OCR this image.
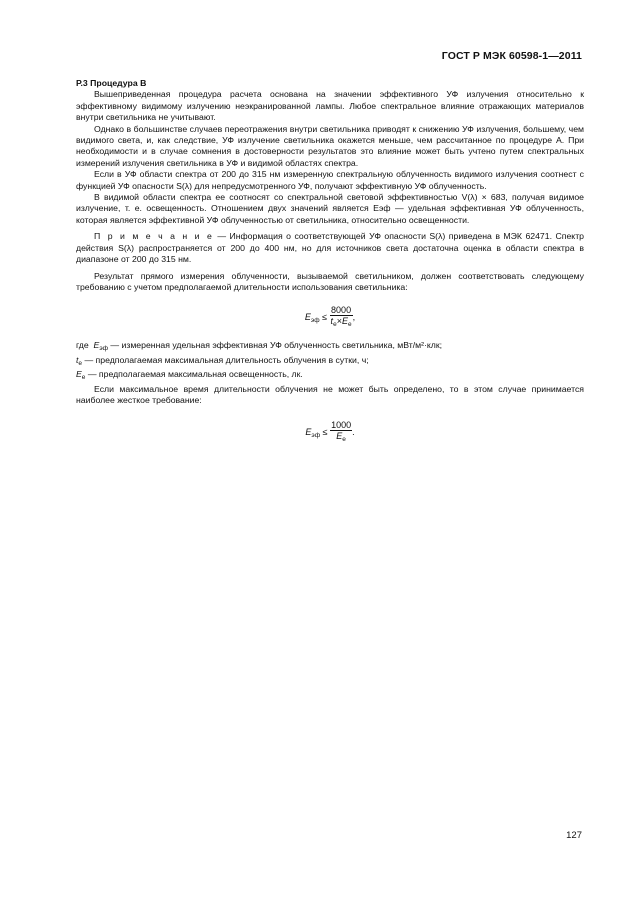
ГОСТ Р МЭК 60598-1—2011
Р.3 Процедура В

Вышеприведенная процедура расчета основана на значении эффективного УФ излучения относительно к эффективному видимому излучению неэкранированной лампы. Любое спектральное влияние отражающих материалов внутри светильника не учитывают.

Однако в большинстве случаев переотражения внутри светильника приводят к снижению УФ излучения, большему, чем видимого света, и, как следствие, УФ излучение светильника окажется меньше, чем рассчитанное по процедуре А. При необходимости и в случае сомнения в достоверности результатов это влияние может быть учтено путем спектральных измерений излучения светильника в УФ и видимой областях спектра.

Если в УФ области спектра от 200 до 315 нм измеренную спектральную облученность видимого излучения соотнест с функцией УФ опасности S(λ) для непредусмотренного УФ, получают эффективную УФ облученность.

В видимой области спектра ее соотносят со спектральной световой эффективностью V(λ) × 683, получая видимое излучение, т. е. освещенность. Отношением двух значений является Eэф — удельная эффективная УФ облученность, которая является эффективной УФ облученностью от светильника, относительно освещенности.

П р и м е ч а н и е — Информация о соответствующей УФ опасности S(λ) приведена в МЭК 62471. Спектр действия S(λ) распространяется от 200 до 400 нм, но для источников света достаточна оценка в области спектра в диапазоне от 200 до 315 нм.

Результат прямого измерения облученности, вызываемой светильником, должен соответствовать следующему требованию с учетом предполагаемой длительности использования светильника:

$E_{эф} \le \frac{8000}{t_e\times E_e}$ ,

где $E_{эф}$ — измеренная удельная эффективная УФ облученность светильника, мВт/м²·клк;

$t_e$ — предполагаемая максимальная длительность облучения в сутки, ч;

$E_e$ — предполагаемая максимальная освещенность, лк.

Если максимальное время длительности облучения не может быть определено, то в этом случае принимается наиболее жесткое требование:

$E_{эф} \le \frac{1000}{E_e}$ .
127
